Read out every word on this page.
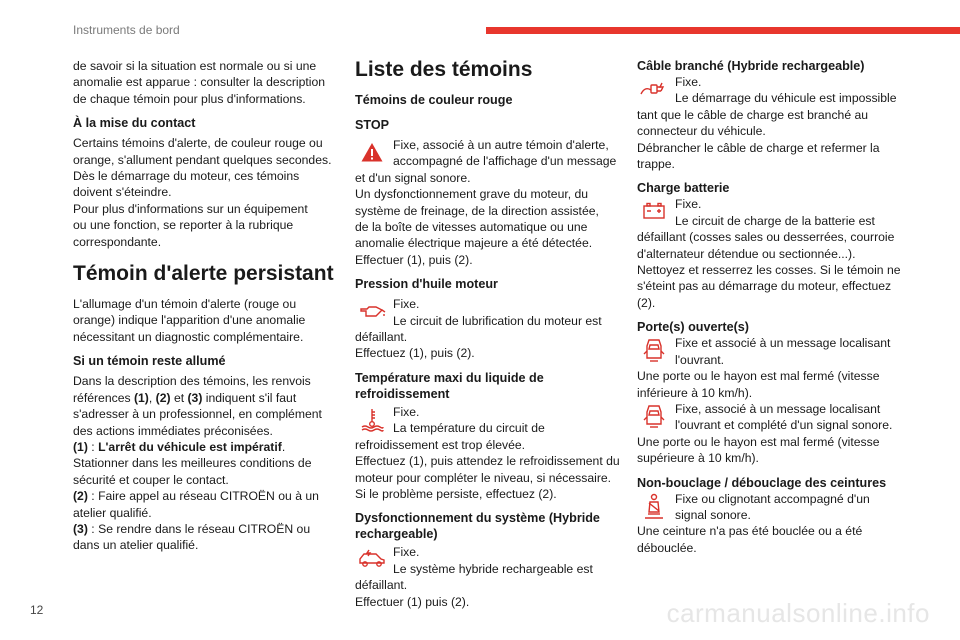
Instruments de bord

de savoir si la situation est normale ou si une
anomalie est apparue : consulter la description
de chaque témoin pour plus d'informations.

À la mise du contact

Certains témoins d'alerte, de couleur rouge ou
orange, s'allument pendant quelques secondes.
Dès le démarrage du moteur, ces témoins
doivent s'éteindre.
Pour plus d'informations sur un équipement
ou une fonction, se reporter à la rubrique
correspondante.

Témoin d'alerte persistant

L'allumage d'un témoin d'alerte (rouge ou
orange) indique l'apparition d'une anomalie
nécessitant un diagnostic complémentaire.

Si un témoin reste allumé

Dans la description des témoins, les renvois
références (1), (2) et (3) indiquent s'il faut
s'adresser à un professionnel, en complément
des actions immédiates préconisées.
(1) : L'arrêt du véhicule est impératif.
Stationner dans les meilleures conditions de
sécurité et couper le contact.
(2) : Faire appel au réseau CITROËN ou à un
atelier qualifié.
(3) : Se rendre dans le réseau CITROËN ou
dans un atelier qualifié.

Liste des témoins
Témoins de couleur rouge
STOP
Fixe, associé à un autre témoin d'alerte,
accompagné de l'affichage d'un message
et d'un signal sonore.
Un dysfonctionnement grave du moteur, du
système de freinage, de la direction assistée,
de la boîte de vitesses automatique ou une
anomalie électrique majeure a été détectée.
Effectuer (1), puis (2).
Pression d'huile moteur
Fixe.
Le circuit de lubrification du moteur est
défaillant.
Effectuez (1), puis (2).
Température maxi du liquide de
refroidissement
Fixe.
La température du circuit de
refroidissement est trop élevée.
Effectuez (1), puis attendez le refroidissement du
moteur pour compléter le niveau, si nécessaire.
Si le problème persiste, effectuez (2).
Dysfonctionnement du système (Hybride
rechargeable)
Fixe.
Le système hybride rechargeable est
défaillant.
Effectuer (1) puis (2).
Câble branché (Hybride rechargeable)
Fixe.
Le démarrage du véhicule est impossible
tant que le câble de charge est branché au
connecteur du véhicule.
Débrancher le câble de charge et refermer la
trappe.
Charge batterie
Fixe.
Le circuit de charge de la batterie est
défaillant (cosses sales ou desserrées, courroie
d'alternateur détendue ou sectionnée...).
Nettoyez et resserrez les cosses. Si le témoin ne
s'éteint pas au démarrage du moteur, effectuez
(2).
Porte(s) ouverte(s)
Fixe et associé à un message localisant
l'ouvrant.
Une porte ou le hayon est mal fermé (vitesse
inférieure à 10 km/h).
Fixe, associé à un message localisant
l'ouvrant et complété d'un signal sonore.
Une porte ou le hayon est mal fermé (vitesse
supérieure à 10 km/h).
Non-bouclage / débouclage des ceintures
Fixe ou clignotant accompagné d'un
signal sonore.
Une ceinture n'a pas été bouclée ou a été
débouclée.
12	carmanualsonline.info
